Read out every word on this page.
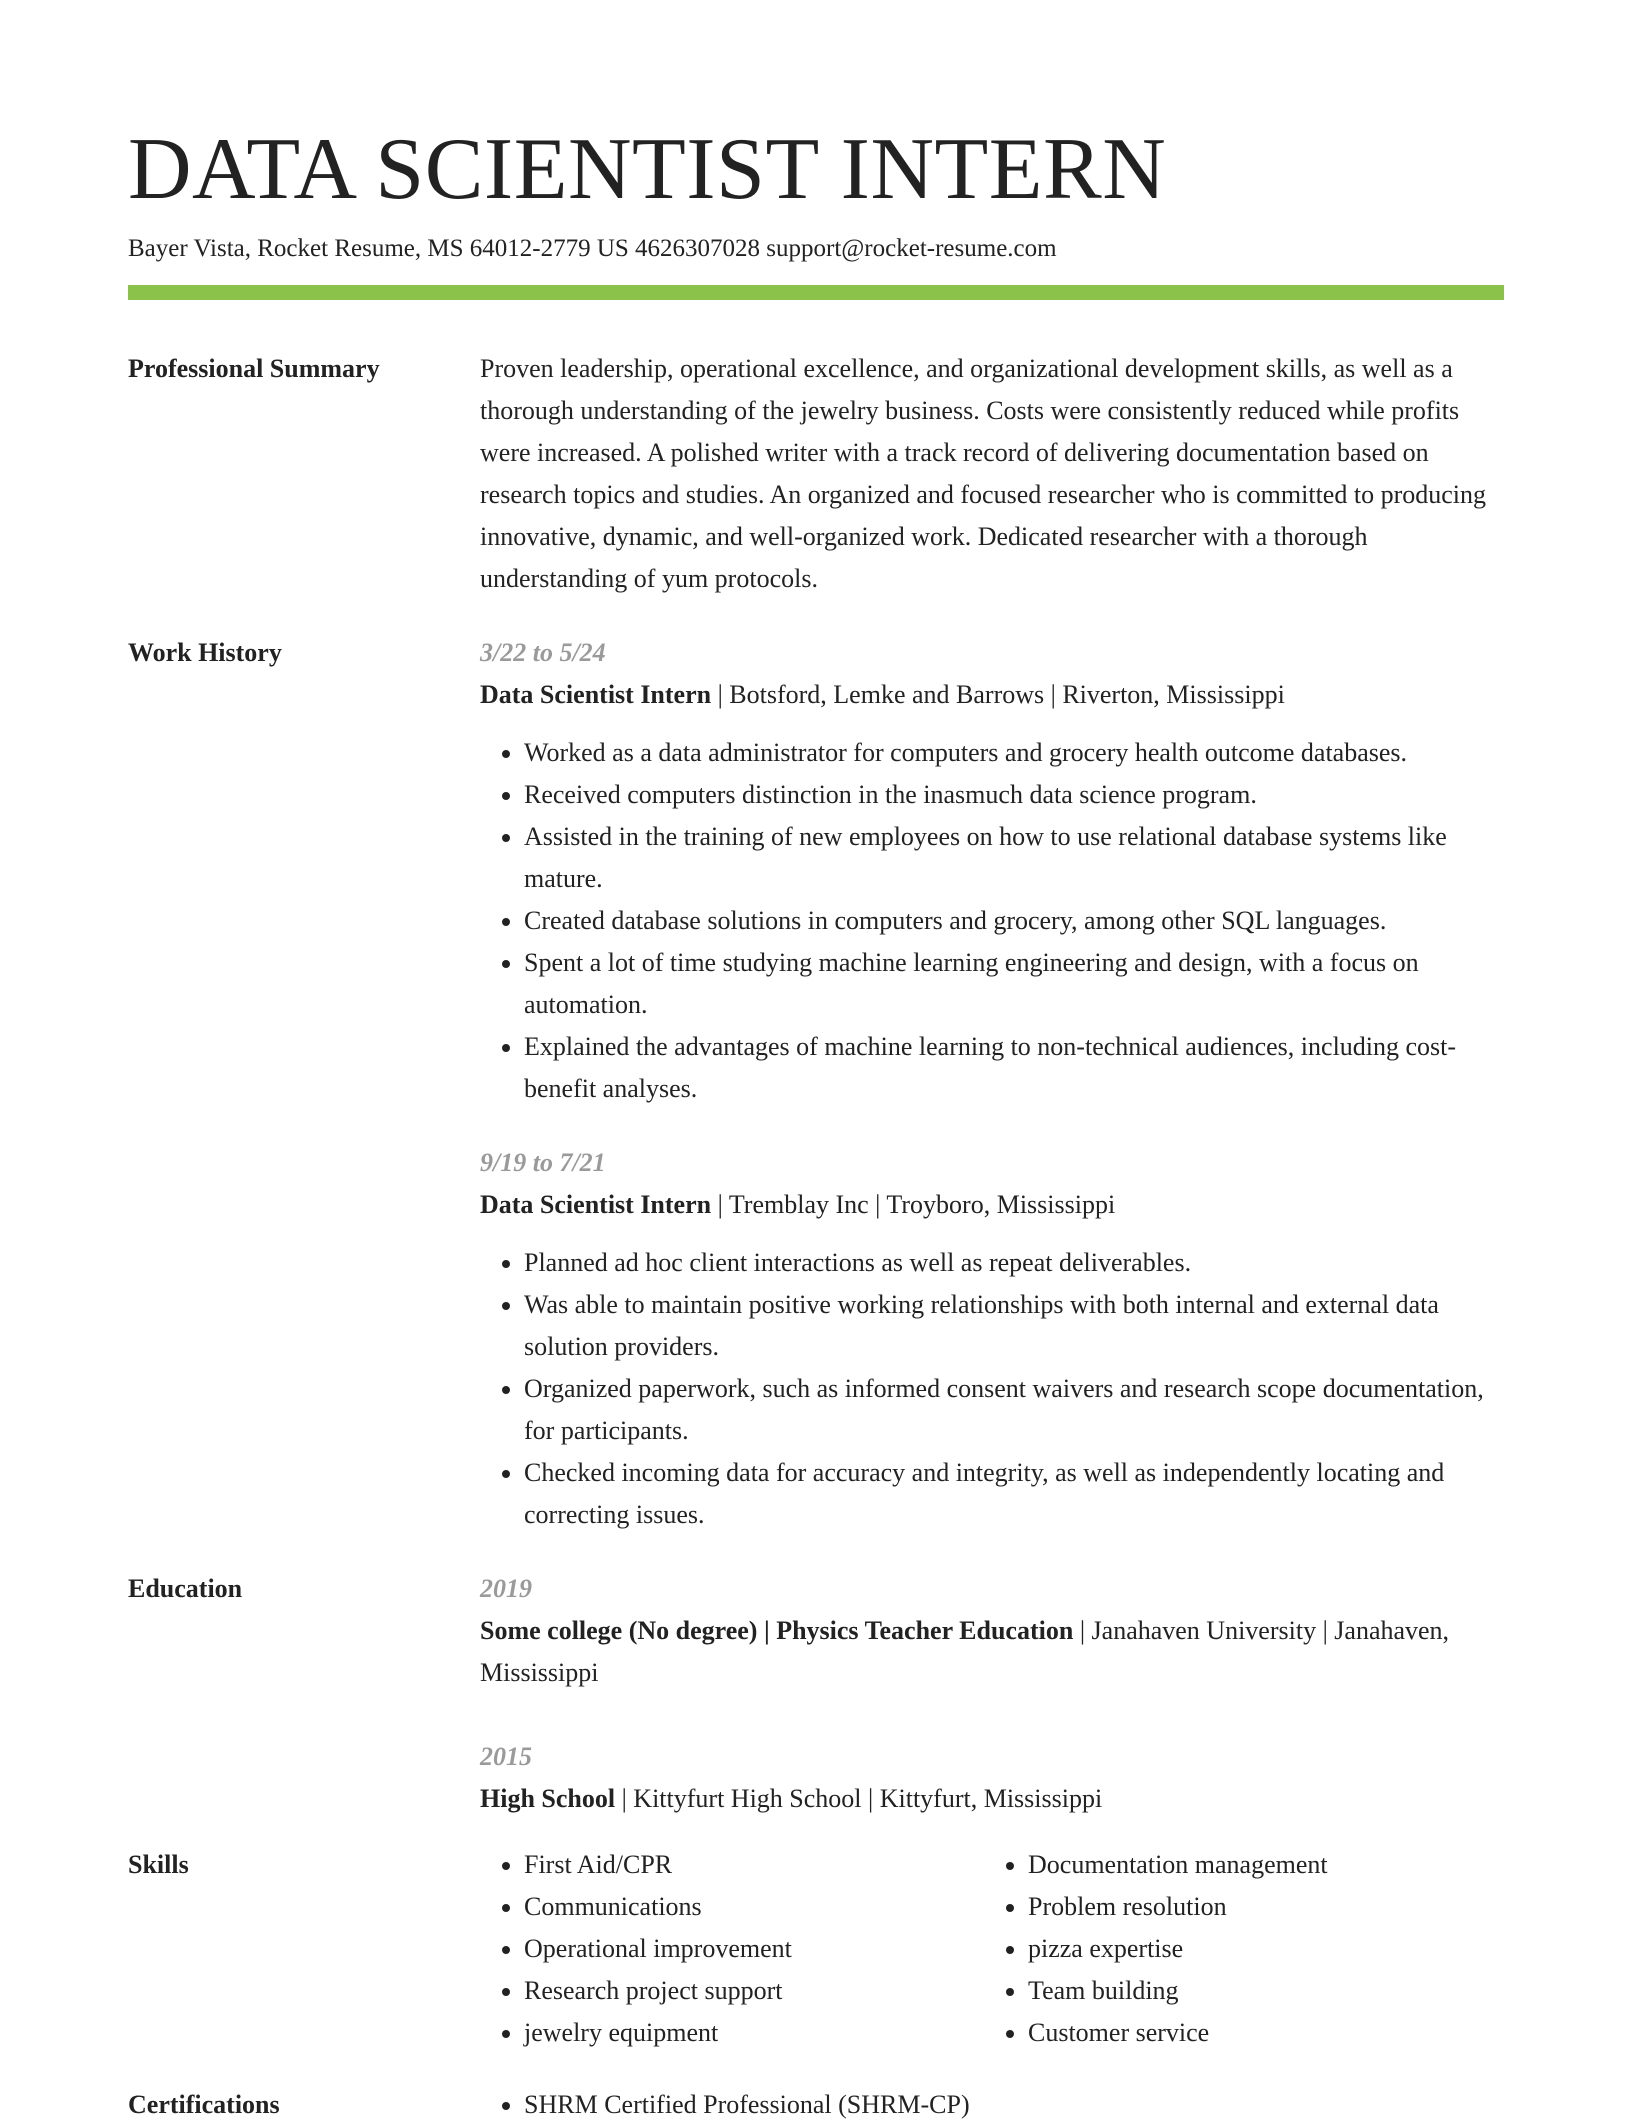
DATA SCIENTIST INTERN
Bayer Vista, Rocket Resume, MS 64012-2779 US 4626307028 support@rocket-resume.com
Professional Summary	Proven leadership, operational excellence, and organizational development skills, as well as a thorough understanding of the jewelry business. Costs were consistently reduced while profits were increased. A polished writer with a track record of delivering documentation based on research topics and studies. An organized and focused researcher who is committed to producing innovative, dynamic, and well-organized work. Dedicated researcher with a thorough understanding of yum protocols.

Work History	3/22 to 5/24
Data Scientist Intern | Botsford, Lemke and Barrows | Riverton, Mississippi
• Worked as a data administrator for computers and grocery health outcome databases.
• Received computers distinction in the inasmuch data science program.
• Assisted in the training of new employees on how to use relational database systems like mature.
• Created database solutions in computers and grocery, among other SQL languages.
• Spent a lot of time studying machine learning engineering and design, with a focus on automation.
• Explained the advantages of machine learning to non-technical audiences, including cost-benefit analyses.
9/19 to 7/21
Data Scientist Intern | Tremblay Inc | Troyboro, Mississippi
• Planned ad hoc client interactions as well as repeat deliverables.
• Was able to maintain positive working relationships with both internal and external data solution providers.
• Organized paperwork, such as informed consent waivers and research scope documentation, for participants.
• Checked incoming data for accuracy and integrity, as well as independently locating and correcting issues.
Education	2019
Some college (No degree) | Physics Teacher Education | Janahaven University | Janahaven, Mississippi
2015
High School | Kittyfurt High School | Kittyfurt, Mississippi
Skills	• First Aid/CPR
• Communications
• Operational improvement
• Research project support
• jewelry equipment
• Documentation management
• Problem resolution
• pizza expertise
• Team building
• Customer service
Certifications	• SHRM Certified Professional (SHRM-CP)
